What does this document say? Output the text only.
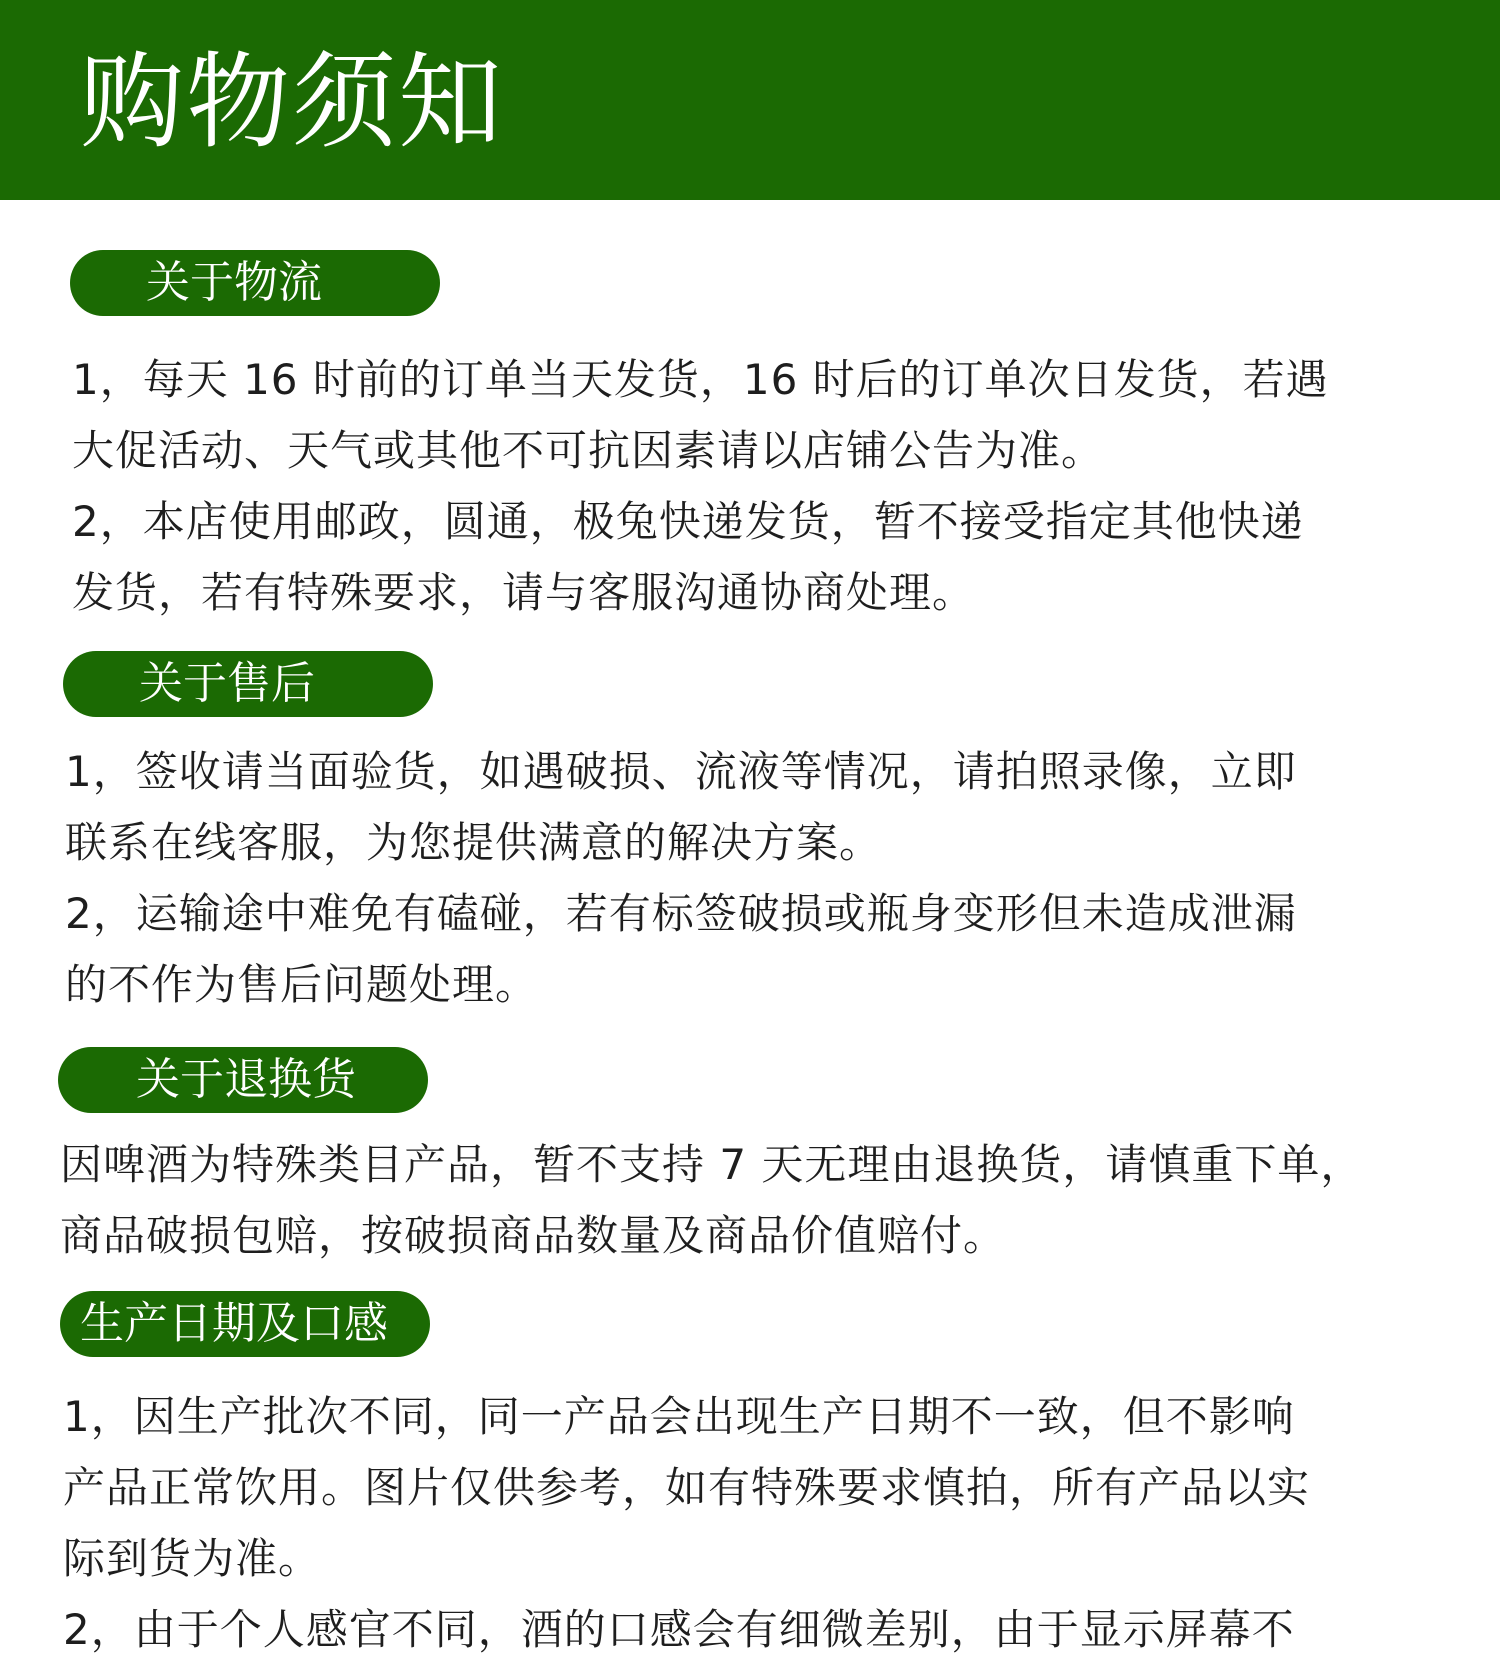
购物须知
关于物流
1，每天 16 时前的订单当天发货，16 时后的订单次日发货，若遇
大促活动、天气或其他不可抗因素请以店铺公告为准。
2，本店使用邮政，圆通，极兔快递发货，暂不接受指定其他快递
发货，若有特殊要求，请与客服沟通协商处理。
关于售后
1，签收请当面验货，如遇破损、流液等情况，请拍照录像，立即
联系在线客服，为您提供满意的解决方案。
2，运输途中难免有磕碰，若有标签破损或瓶身变形但未造成泄漏
的不作为售后问题处理。
关于退换货
因啤酒为特殊类目产品，暂不支持 7 天无理由退换货，请慎重下单，
商品破损包赔，按破损商品数量及商品价值赔付。
生产日期及口感
1，因生产批次不同，同一产品会出现生产日期不一致，但不影响
产品正常饮用。图片仅供参考，如有特殊要求慎拍，所有产品以实
际到货为准。
2，由于个人感官不同，酒的口感会有细微差别，由于显示屏幕不
